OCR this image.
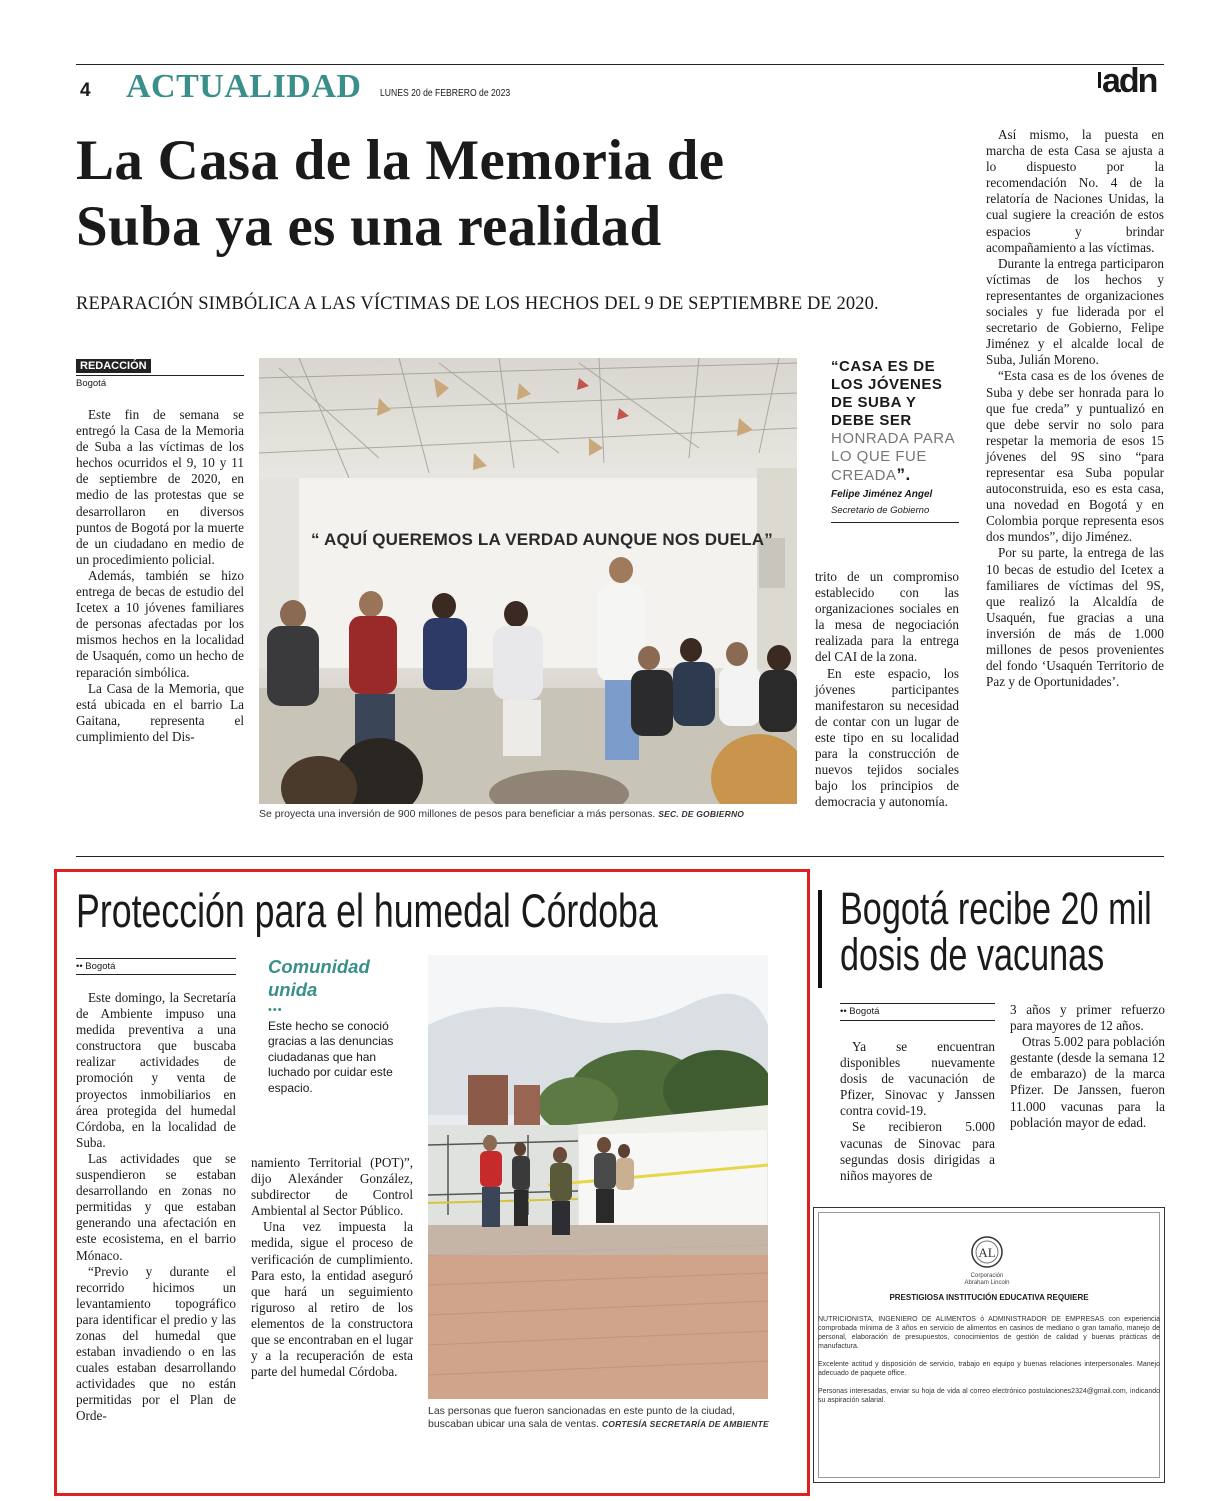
4 ACTUALIDAD LUNES 20 de FEBRERO de 2023	adn
La Casa de la Memoria de
Suba ya es una realidad
REPARACIÓN SIMBÓLICA A LAS VÍCTIMAS DE LOS HECHOS DEL 9 DE SEPTIEMBRE DE 2020.
REDACCIÓN
Bogotá

Este fin de semana se entregó la Casa de la Memoria de Suba a las víctimas de los hechos ocurridos el 9, 10 y 11 de septiembre de 2020, en medio de las protestas que se desarrollaron en diversos puntos de Bogotá por la muerte de un ciudadano en medio de un procedimiento policial.

Además, también se hizo entrega de becas de estudio del Icetex a 10 jóvenes familiares de personas afectadas por los mismos hechos en la localidad de Usaquén, como un hecho de reparación simbólica.

La Casa de la Memoria, que está ubicada en el barrio La Gaitana, representa el cumplimiento del Dis-

“ AQUÍ QUEREMOS LA VERDAD AUNQUE NOS DUELA”
Se proyecta una inversión de 900 millones de pesos para beneficiar a más personas. SEC. DE GOBIERNO
“CASA ES DE LOS JÓVENES DE SUBA Y DEBE SER HONRADA PARA LO QUE FUE CREADA”.
Felipe Jiménez Angel
Secretario de Gobierno

trito de un compromiso establecido con las organizaciones sociales en la mesa de negociación realizada para la entrega del CAI de la zona.

En este espacio, los jóvenes participantes manifestaron su necesidad de contar con un lugar de este tipo en su localidad para la construcción de nuevos tejidos sociales bajo los principios de democracia y autonomía.

Así mismo, la puesta en marcha de esta Casa se ajusta a lo dispuesto por la recomendación No. 4 de la relatoría de Naciones Unidas, la cual sugiere la creación de estos espacios y brindar acompañamiento a las víctimas.

Durante la entrega participaron víctimas de los hechos y representantes de organizaciones sociales y fue liderada por el secretario de Gobierno, Felipe Jiménez y el alcalde local de Suba, Julián Moreno.

“Esta casa es de los óvenes de Suba y debe ser honrada para lo que fue creda” y puntualizó en que debe servir no solo para respetar la memoria de esos 15 jóvenes del 9S sino “para representar esa Suba popular autoconstruida, eso es esta casa, una novedad en Bogotá y en Colombia porque representa esos dos mundos”, dijo Jiménez.

Por su parte, la entrega de las 10 becas de estudio del Icetex a familiares de víctimas del 9S, que realizó la Alcaldía de Usaquén, fue gracias a una inversión de más de 1.000 millones de pesos provenientes del fondo ‘Usaquén Territorio de Paz y de Oportunidades’.

Protección para el humedal Córdoba
•• Bogotá

Este domingo, la Secretaría de Ambiente impuso una medida preventiva a una constructora que buscaba realizar actividades de promoción y venta de proyectos inmobiliarios en área protegida del humedal Córdoba, en la localidad de Suba.

Las actividades que se suspendieron se estaban desarrollando en zonas no permitidas y que estaban generando una afectación en este ecosistema, en el barrio Mónaco.

“Previo y durante el recorrido hicimos un levantamiento topográfico para identificar el predio y las zonas del humedal que estaban invadiendo o en las cuales estaban desarrollando actividades que no están permitidas por el Plan de Orde-

Comunidad unida
•••
Este hecho se conoció gracias a las denuncias ciudadanas que han luchado por cuidar este espacio.

namiento Territorial (POT)”, dijo Alexánder González, subdirector de Control Ambiental al Sector Público.

Una vez impuesta la medida, sigue el proceso de verificación de cumplimiento. Para esto, la entidad aseguró que hará un seguimiento riguroso al retiro de los elementos de la constructora que se encontraban en el lugar y a la recuperación de esta parte del humedal Córdoba.

Las personas que fueron sancionadas en este punto de la ciudad, buscaban ubicar una sala de ventas. CORTESÍA SECRETARÍA DE AMBIENTE
Bogotá recibe 20 mil
dosis de vacunas
•• Bogotá

Ya se encuentran disponibles nuevamente dosis de vacunación de Pfizer, Sinovac y Janssen contra covid-19.

Se recibieron 5.000 vacunas de Sinovac para segundas dosis dirigidas a niños mayores de

3 años y primer refuerzo para mayores de 12 años.

Otras 5.002 para población gestante (desde la semana 12 de embarazo) de la marca Pfizer. De Janssen, fueron 11.000 vacunas para la población mayor de edad.

AL
Corporación
Abraham Lincoln
PRESTIGIOSA INSTITUCIÓN EDUCATIVA REQUIERE

NUTRICIONISTA, INGENIERO DE ALIMENTOS ó ADMINISTRADOR DE EMPRESAS con experiencia comprobada mínima de 3 años en servicio de alimentos en casinos de mediano o gran tamaño, manejo de personal, elaboración de presupuestos, conocimientos de gestión de calidad y buenas prácticas de manufactura.

Excelente actitud y disposición de servicio, trabajo en equipo y buenas relaciones interpersonales. Manejo adecuado de paquete office.

Personas interesadas, enviar su hoja de vida al correo electrónico postulaciones2324@gmail.com, indicando su aspiración salarial.
